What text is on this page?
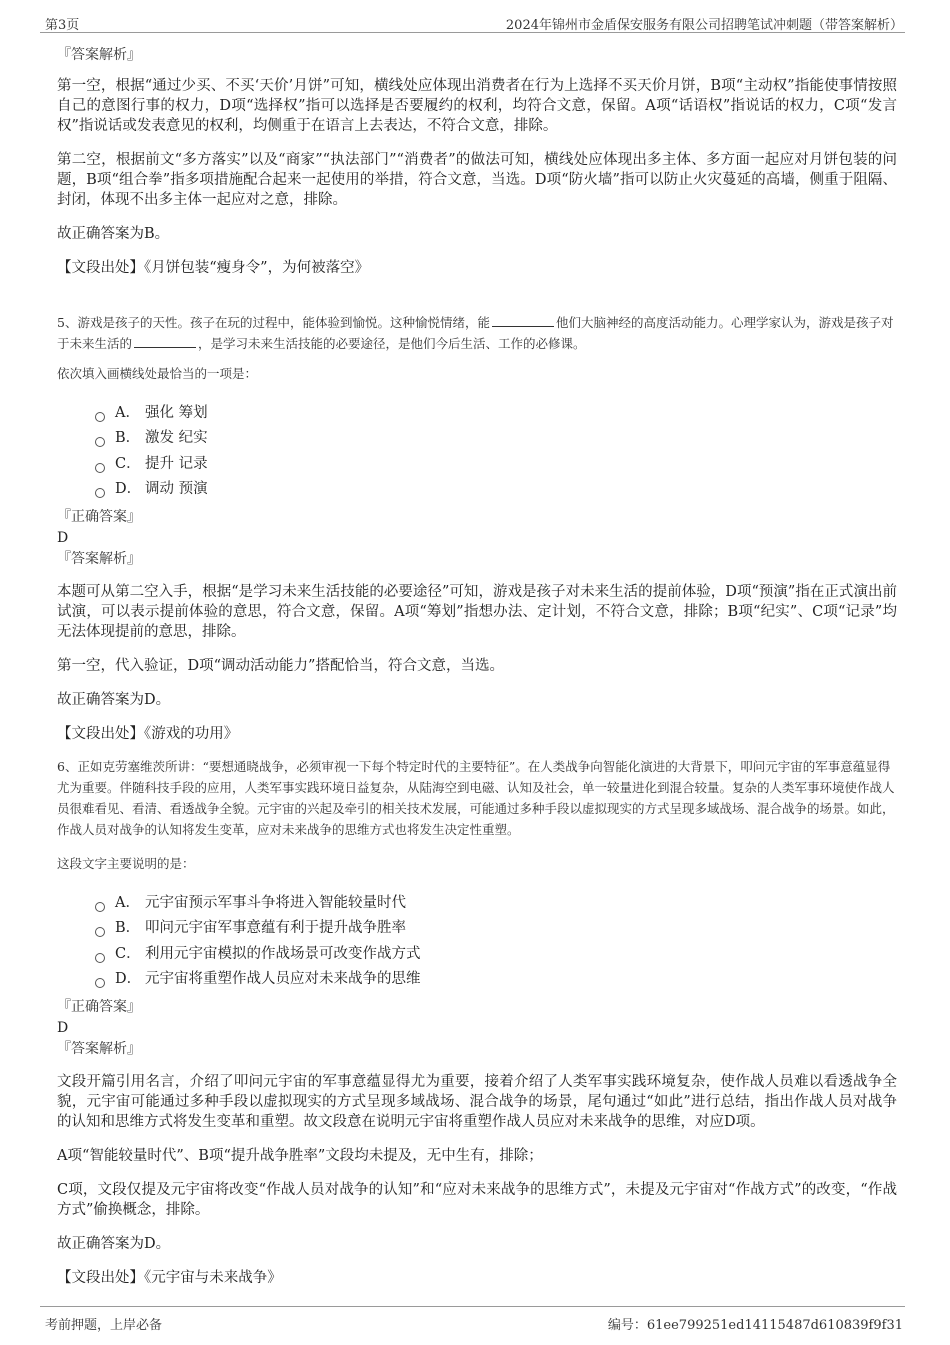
第3页	2024年锦州市金盾保安服务有限公司招聘笔试冲刺题（带答案解析）

『答案解析』

第一空，根据“通过少买、不买‘天价’月饼”可知，横线处应体现出消费者在行为上选择不买天价月饼，B项“主动权”指能使事情按照自己的意图行事的权力，D项“选择权”指可以选择是否要履约的权利，均符合文意，保留。A项“话语权”指说话的权力，C项“发言权”指说话或发表意见的权利，均侧重于在语言上去表达，不符合文意，排除。

第二空，根据前文“多方落实”以及“商家”“执法部门”“消费者”的做法可知，横线处应体现出多主体、多方面一起应对月饼包装的问题，B项“组合拳”指多项措施配合起来一起使用的举措，符合文意，当选。D项“防火墙”指可以防止火灾蔓延的高墙，侧重于阻隔、封闭，体现不出多主体一起应对之意，排除。

故正确答案为B。

【文段出处】《月饼包装“瘦身令”，为何被落空》

5、游戏是孩子的天性。孩子在玩的过程中，能体验到愉悦。这种愉悦情绪，能	他们大脑神经的高度活动能力。心理学家认为，游戏是孩子对于未来生活的	，是学习未来生活技能的必要途径，是他们今后生活、工作的必修课。

依次填入画横线处最恰当的一项是：

A． 强化 筹划
B． 激发 纪实
C． 提升 记录
D． 调动 预演

『正确答案』

D

『答案解析』

本题可从第二空入手，根据“是学习未来生活技能的必要途径”可知，游戏是孩子对未来生活的提前体验，D项“预演”指在正式演出前试演，可以表示提前体验的意思，符合文意，保留。A项“筹划”指想办法、定计划，不符合文意，排除；B项“纪实”、C项“记录”均无法体现提前的意思，排除。

第一空，代入验证，D项“调动活动能力”搭配恰当，符合文意，当选。

故正确答案为D。

【文段出处】《游戏的功用》

6、正如克劳塞维茨所讲：“要想通晓战争，必须审视一下每个特定时代的主要特征”。在人类战争向智能化演进的大背景下，叩问元宇宙的军事意蕴显得尤为重要。伴随科技手段的应用，人类军事实践环境日益复杂，从陆海空到电磁、认知及社会，单一较量进化到混合较量。复杂的人类军事环境使作战人员很难看见、看清、看透战争全貌。元宇宙的兴起及牵引的相关技术发展，可能通过多种手段以虚拟现实的方式呈现多域战场、混合战争的场景。如此，作战人员对战争的认知将发生变革，应对未来战争的思维方式也将发生决定性重塑。

这段文字主要说明的是：

A． 元宇宙预示军事斗争将进入智能较量时代
B． 叩问元宇宙军事意蕴有利于提升战争胜率
C． 利用元宇宙模拟的作战场景可改变作战方式
D． 元宇宙将重塑作战人员应对未来战争的思维

『正确答案』

D

『答案解析』

文段开篇引用名言，介绍了叩问元宇宙的军事意蕴显得尤为重要，接着介绍了人类军事实践环境复杂，使作战人员难以看透战争全貌，元宇宙可能通过多种手段以虚拟现实的方式呈现多域战场、混合战争的场景，尾句通过“如此”进行总结，指出作战人员对战争的认知和思维方式将发生变革和重塑。故文段意在说明元宇宙将重塑作战人员应对未来战争的思维，对应D项。

A项“智能较量时代”、B项“提升战争胜率”文段均未提及，无中生有，排除；

C项，文段仅提及元宇宙将改变“作战人员对战争的认知”和“应对未来战争的思维方式”，未提及元宇宙对“作战方式”的改变，“作战方式”偷换概念，排除。

故正确答案为D。

【文段出处】《元宇宙与未来战争》

考前押题，上岸必备	编号：61ee799251ed14115487d610839f9f31
